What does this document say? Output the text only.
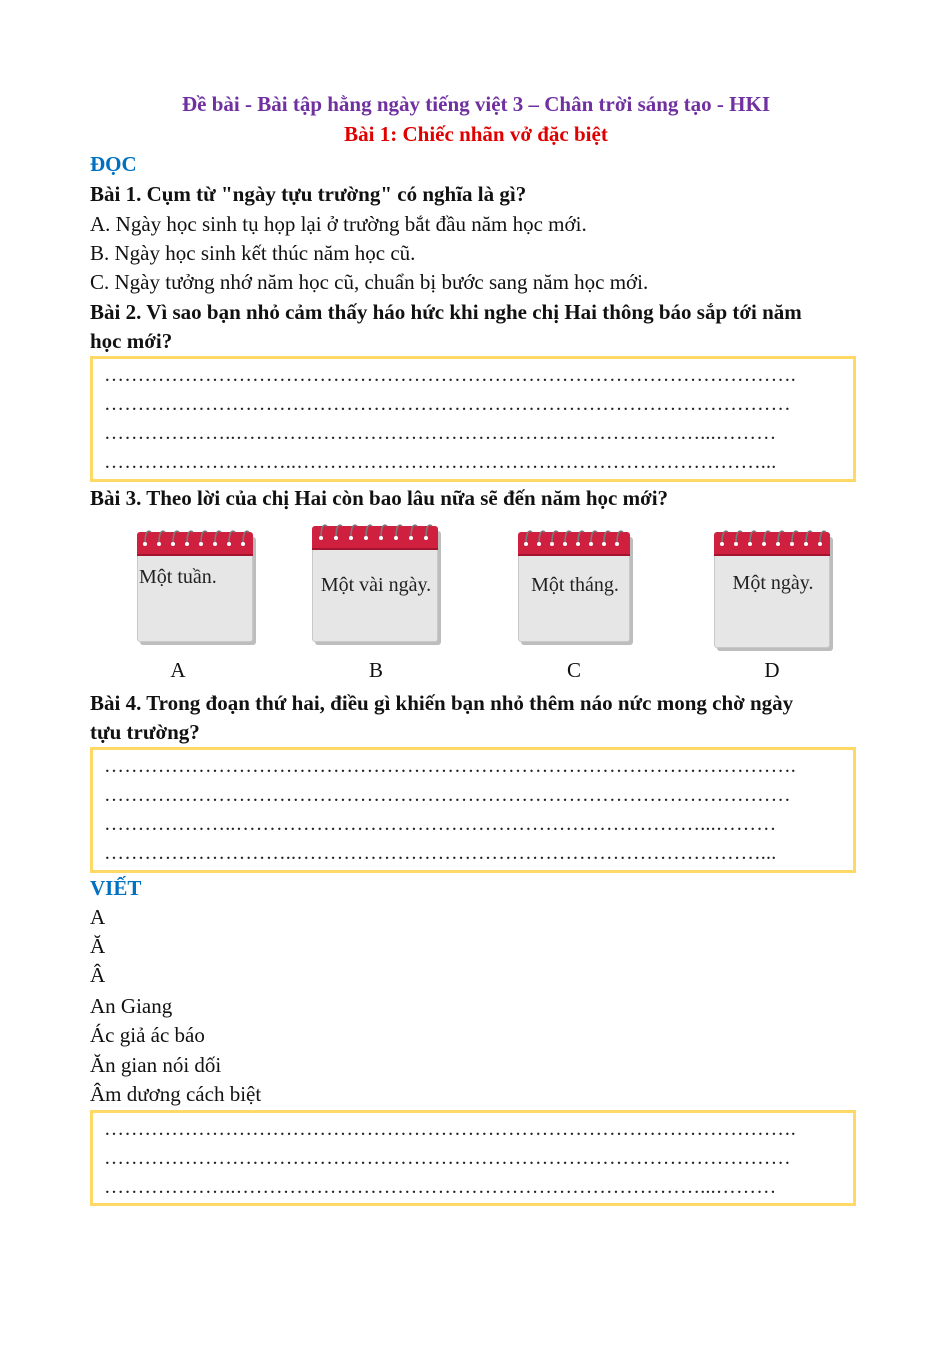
Đề bài - Bài tập hằng ngày tiếng việt 3 – Chân trời sáng tạo - HKI
Bài 1: Chiếc nhãn vở đặc biệt
ĐỌC
Bài 1. Cụm từ "ngày tựu trường" có nghĩa là gì?
A. Ngày học sinh tụ họp lại ở trường bắt đầu năm học mới.
B. Ngày học sinh kết thúc năm học cũ.
C. Ngày tưởng nhớ năm học cũ, chuẩn bị bước sang năm học mới.
Bài 2. Vì sao bạn nhỏ cảm thấy háo hức khi nghe chị Hai thông báo sắp tới năm
học mới?
………………………………………………………………………………………….
…………………………………………………………………………………………
………………..……………………………………………………………...………
………………………..……………………………………………………………...
Bài 3. Theo lời của chị Hai còn bao lâu nữa sẽ đến năm học mới?
Một tuần.
A
Một vài ngày.
B
Một tháng.
C
Một ngày.
D
Bài 4. Trong đoạn thứ hai, điều gì khiến bạn nhỏ thêm náo nức mong chờ ngày
tựu trường?
………………………………………………………………………………………….
…………………………………………………………………………………………
………………..……………………………………………………………...………
………………………..……………………………………………………………...
VIẾT
A
Ă
Â
An Giang
Ác giả ác báo
Ăn gian nói dối
Âm dương cách biệt
………………………………………………………………………………………….
…………………………………………………………………………………………
………………..……………………………………………………………...………
